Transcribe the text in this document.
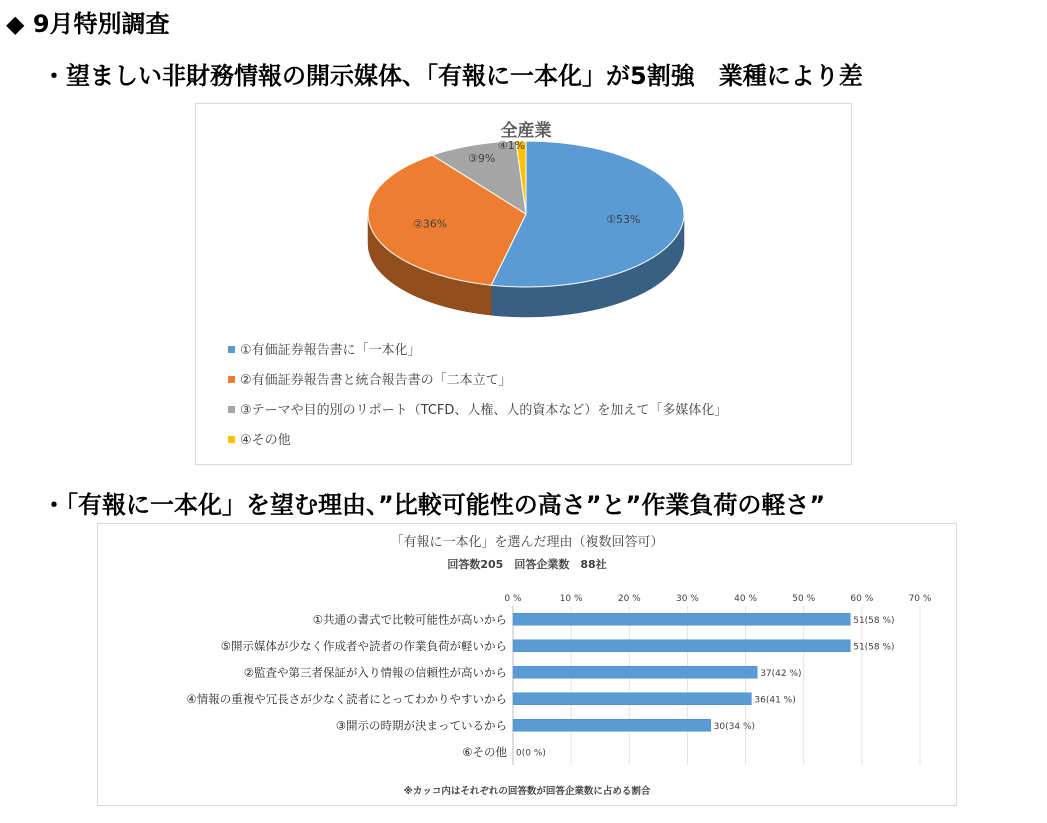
◆ 9月特別調査
・望ましい非財務情報の開示媒体、「有報に一本化」が5割強　業種により差
・「有報に一本化」を望む理由、”比較可能性の高さ”と”作業負荷の軽さ”
全産業
①53%
②36%
③9%
④1%
①有価証券報告書に「一本化」
②有価証券報告書と統合報告書の「二本立て」
③テーマや目的別のリポート（TCFD、人権、人的資本など）を加えて「多媒体化」
④その他
「有報に一本化」を選んだ理由（複数回答可）
回答数205　回答企業数　88社
0 %	10 %	20 %	30 %	40 %	50 %	60 %	70 %
①共通の書式で比較可能性が高いから	51(58 %)
⑤開示媒体が少なく作成者や読者の作業負荷が軽いから	51(58 %)
②監査や第三者保証が入り情報の信頼性が高いから	37(42 %)
④情報の重複や冗長さが少なく読者にとってわかりやすいから	36(41 %)
③開示の時期が決まっているから	30(34 %)
⑥その他 0(0 %)
※カッコ内はそれぞれの回答数が回答企業数に占める割合
